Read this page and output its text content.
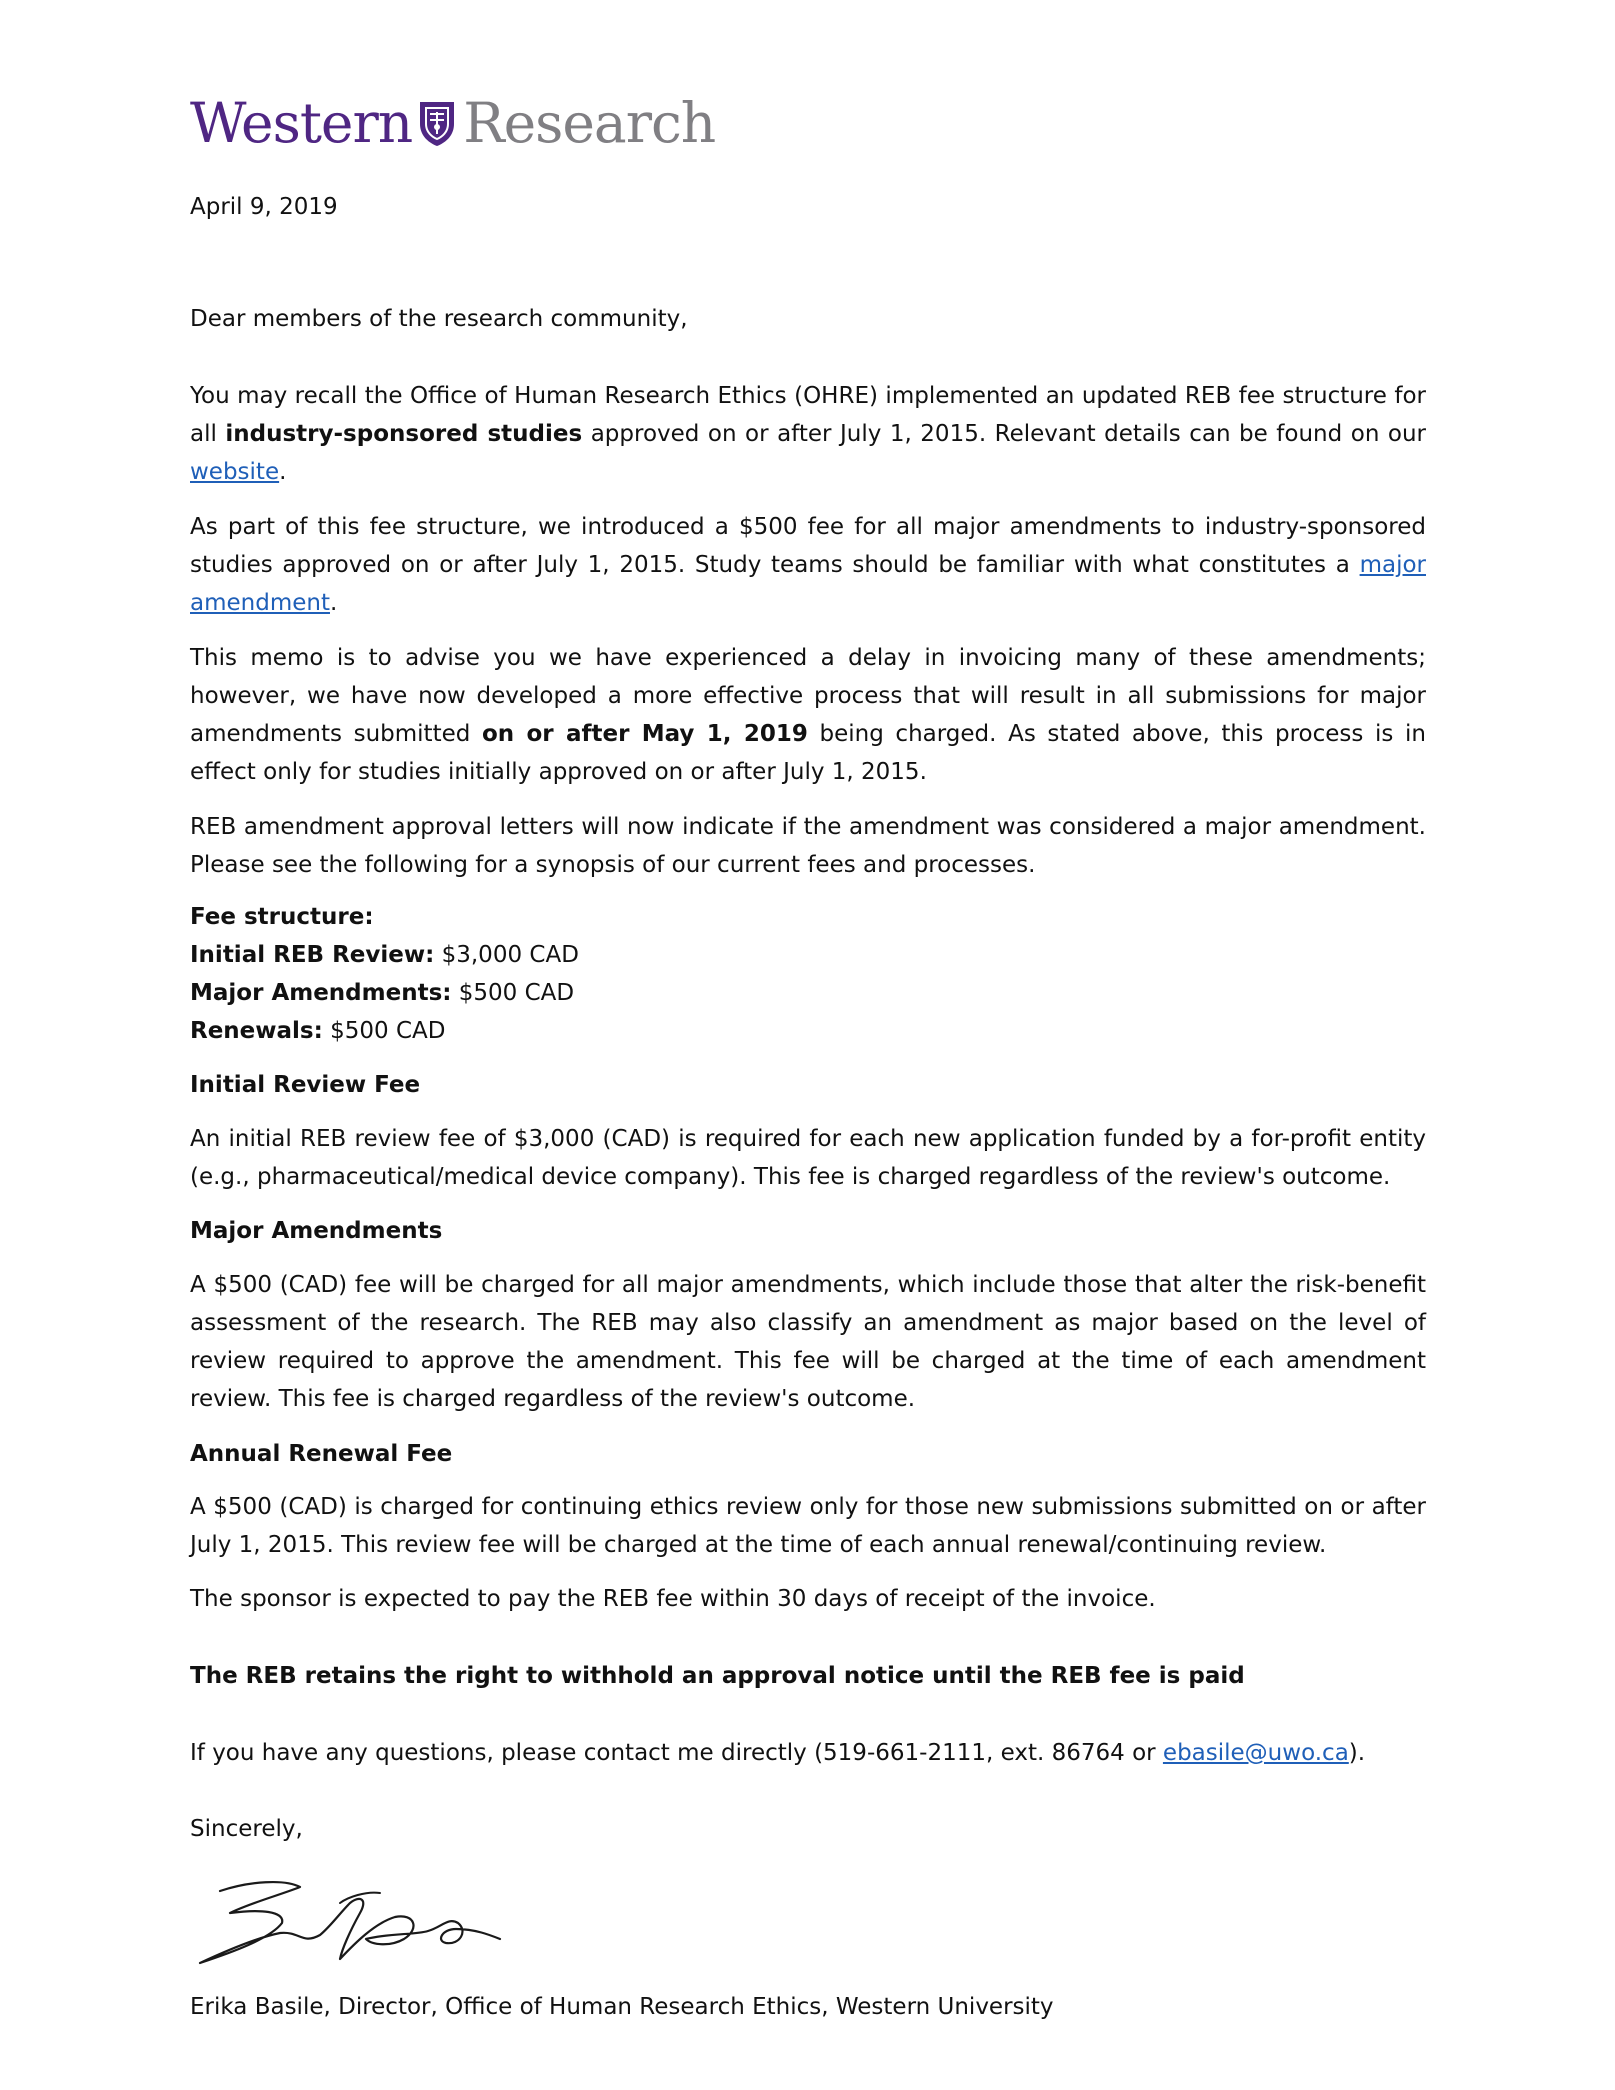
Western Research

April 9, 2019

Dear members of the research community,

You may recall the Office of Human Research Ethics (OHRE) implemented an updated REB fee structure for all industry-sponsored studies approved on or after July 1, 2015. Relevant details can be found on our website.

As part of this fee structure, we introduced a $500 fee for all major amendments to industry-sponsored studies approved on or after July 1, 2015. Study teams should be familiar with what constitutes a major amendment.

This memo is to advise you we have experienced a delay in invoicing many of these amendments; however, we have now developed a more effective process that will result in all submissions for major amendments submitted on or after May 1, 2019 being charged. As stated above, this process is in effect only for studies initially approved on or after July 1, 2015.

REB amendment approval letters will now indicate if the amendment was considered a major amendment. Please see the following for a synopsis of our current fees and processes.

Fee structure:
Initial REB Review: $3,000 CAD
Major Amendments: $500 CAD
Renewals: $500 CAD

Initial Review Fee

An initial REB review fee of $3,000 (CAD) is required for each new application funded by a for-profit entity (e.g., pharmaceutical/medical device company). This fee is charged regardless of the review's outcome.

Major Amendments

A $500 (CAD) fee will be charged for all major amendments, which include those that alter the risk-benefit assessment of the research. The REB may also classify an amendment as major based on the level of review required to approve the amendment. This fee will be charged at the time of each amendment review. This fee is charged regardless of the review's outcome.

Annual Renewal Fee

A $500 (CAD) is charged for continuing ethics review only for those new submissions submitted on or after July 1, 2015. This review fee will be charged at the time of each annual renewal/continuing review.

The sponsor is expected to pay the REB fee within 30 days of receipt of the invoice.

The REB retains the right to withhold an approval notice until the REB fee is paid

If you have any questions, please contact me directly (519-661-2111, ext. 86764 or ebasile@uwo.ca).

Sincerely,

Erika Basile, Director, Office of Human Research Ethics, Western University
